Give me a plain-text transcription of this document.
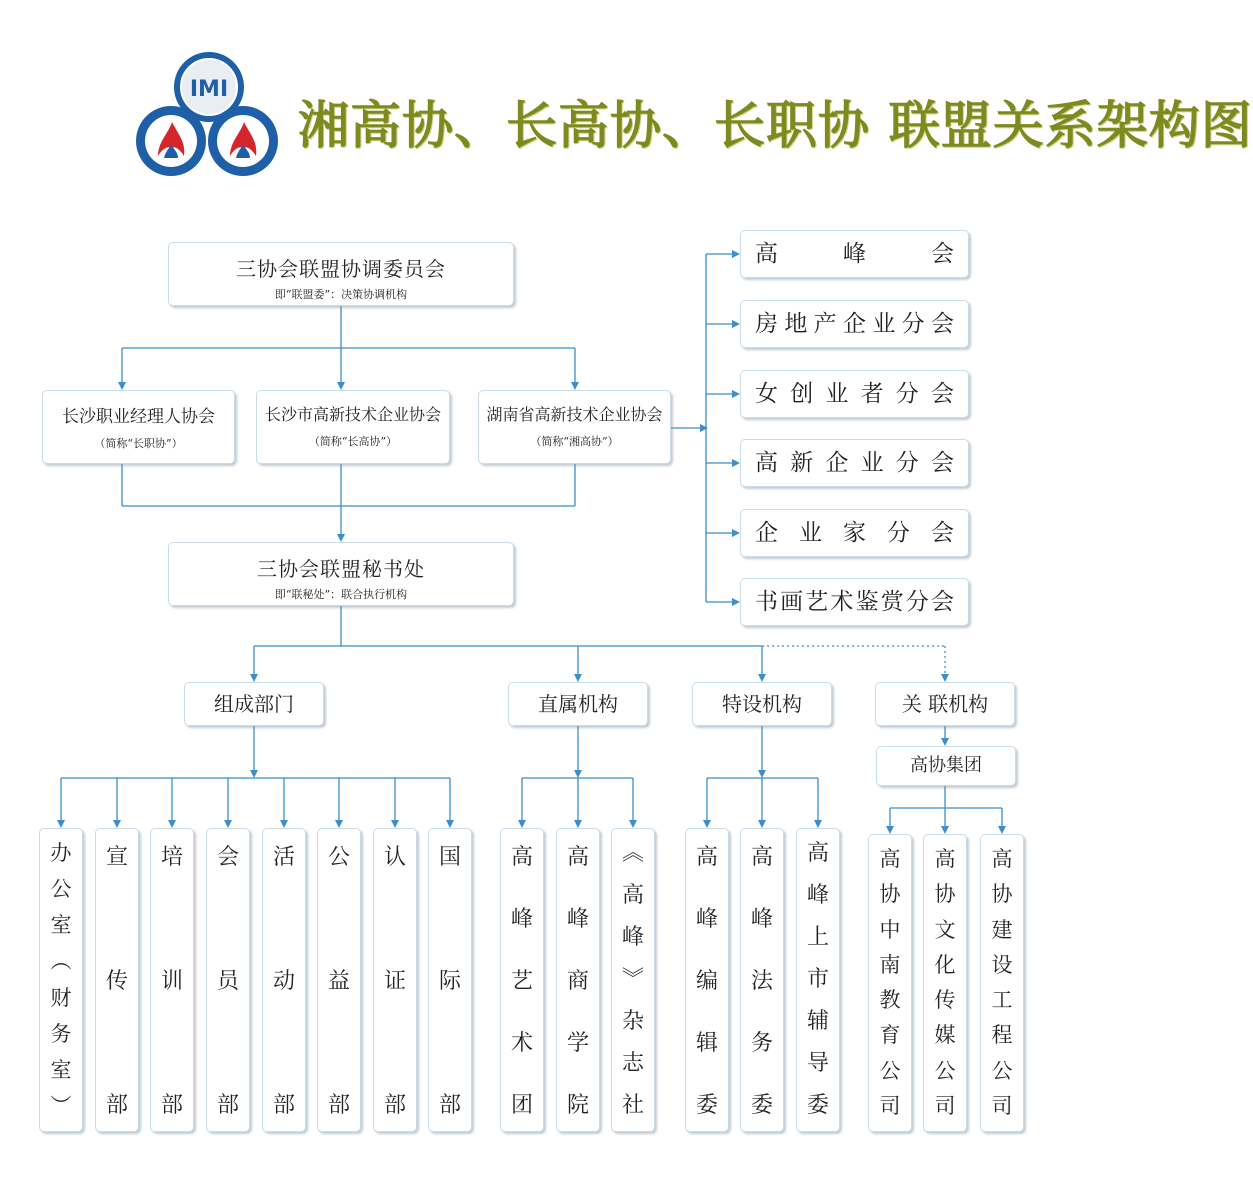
IMI
湘高协、长高协、长职协 联盟关系架构图
三协会联盟协调委员会
即“联盟委”：决策协调机构
长沙职业经理人协会
（简称“长职协”）
长沙市高新技术企业协会
（简称“长高协”）
湖南省高新技术企业协会
（简称“湘高协”）
三协会联盟秘书处
即“联秘处”：联合执行机构
高峰会
房地产企业分会
女创业者分会
高新企业分会
企业家分会
书画艺术鉴赏分会
组成部门	直属机构	特设机构	关 联机构
高协集团
办
公
室
︵
财
务
室
︶
宣
传
部
培
训
部
会
员
部
活
动
部
公
益
部
认
证
部
国
际
部
高
峰
艺
术
团
高
峰
商
学
院
︽
高
峰
︾
杂
志
社
高
峰
编
辑
委
高
峰
法
务
委
高
峰
上
市
辅
导
委
高
协
中
南
教
育
公
司
高
协
文
化
传
媒
公
司
高
协
建
设
工
程
公
司
